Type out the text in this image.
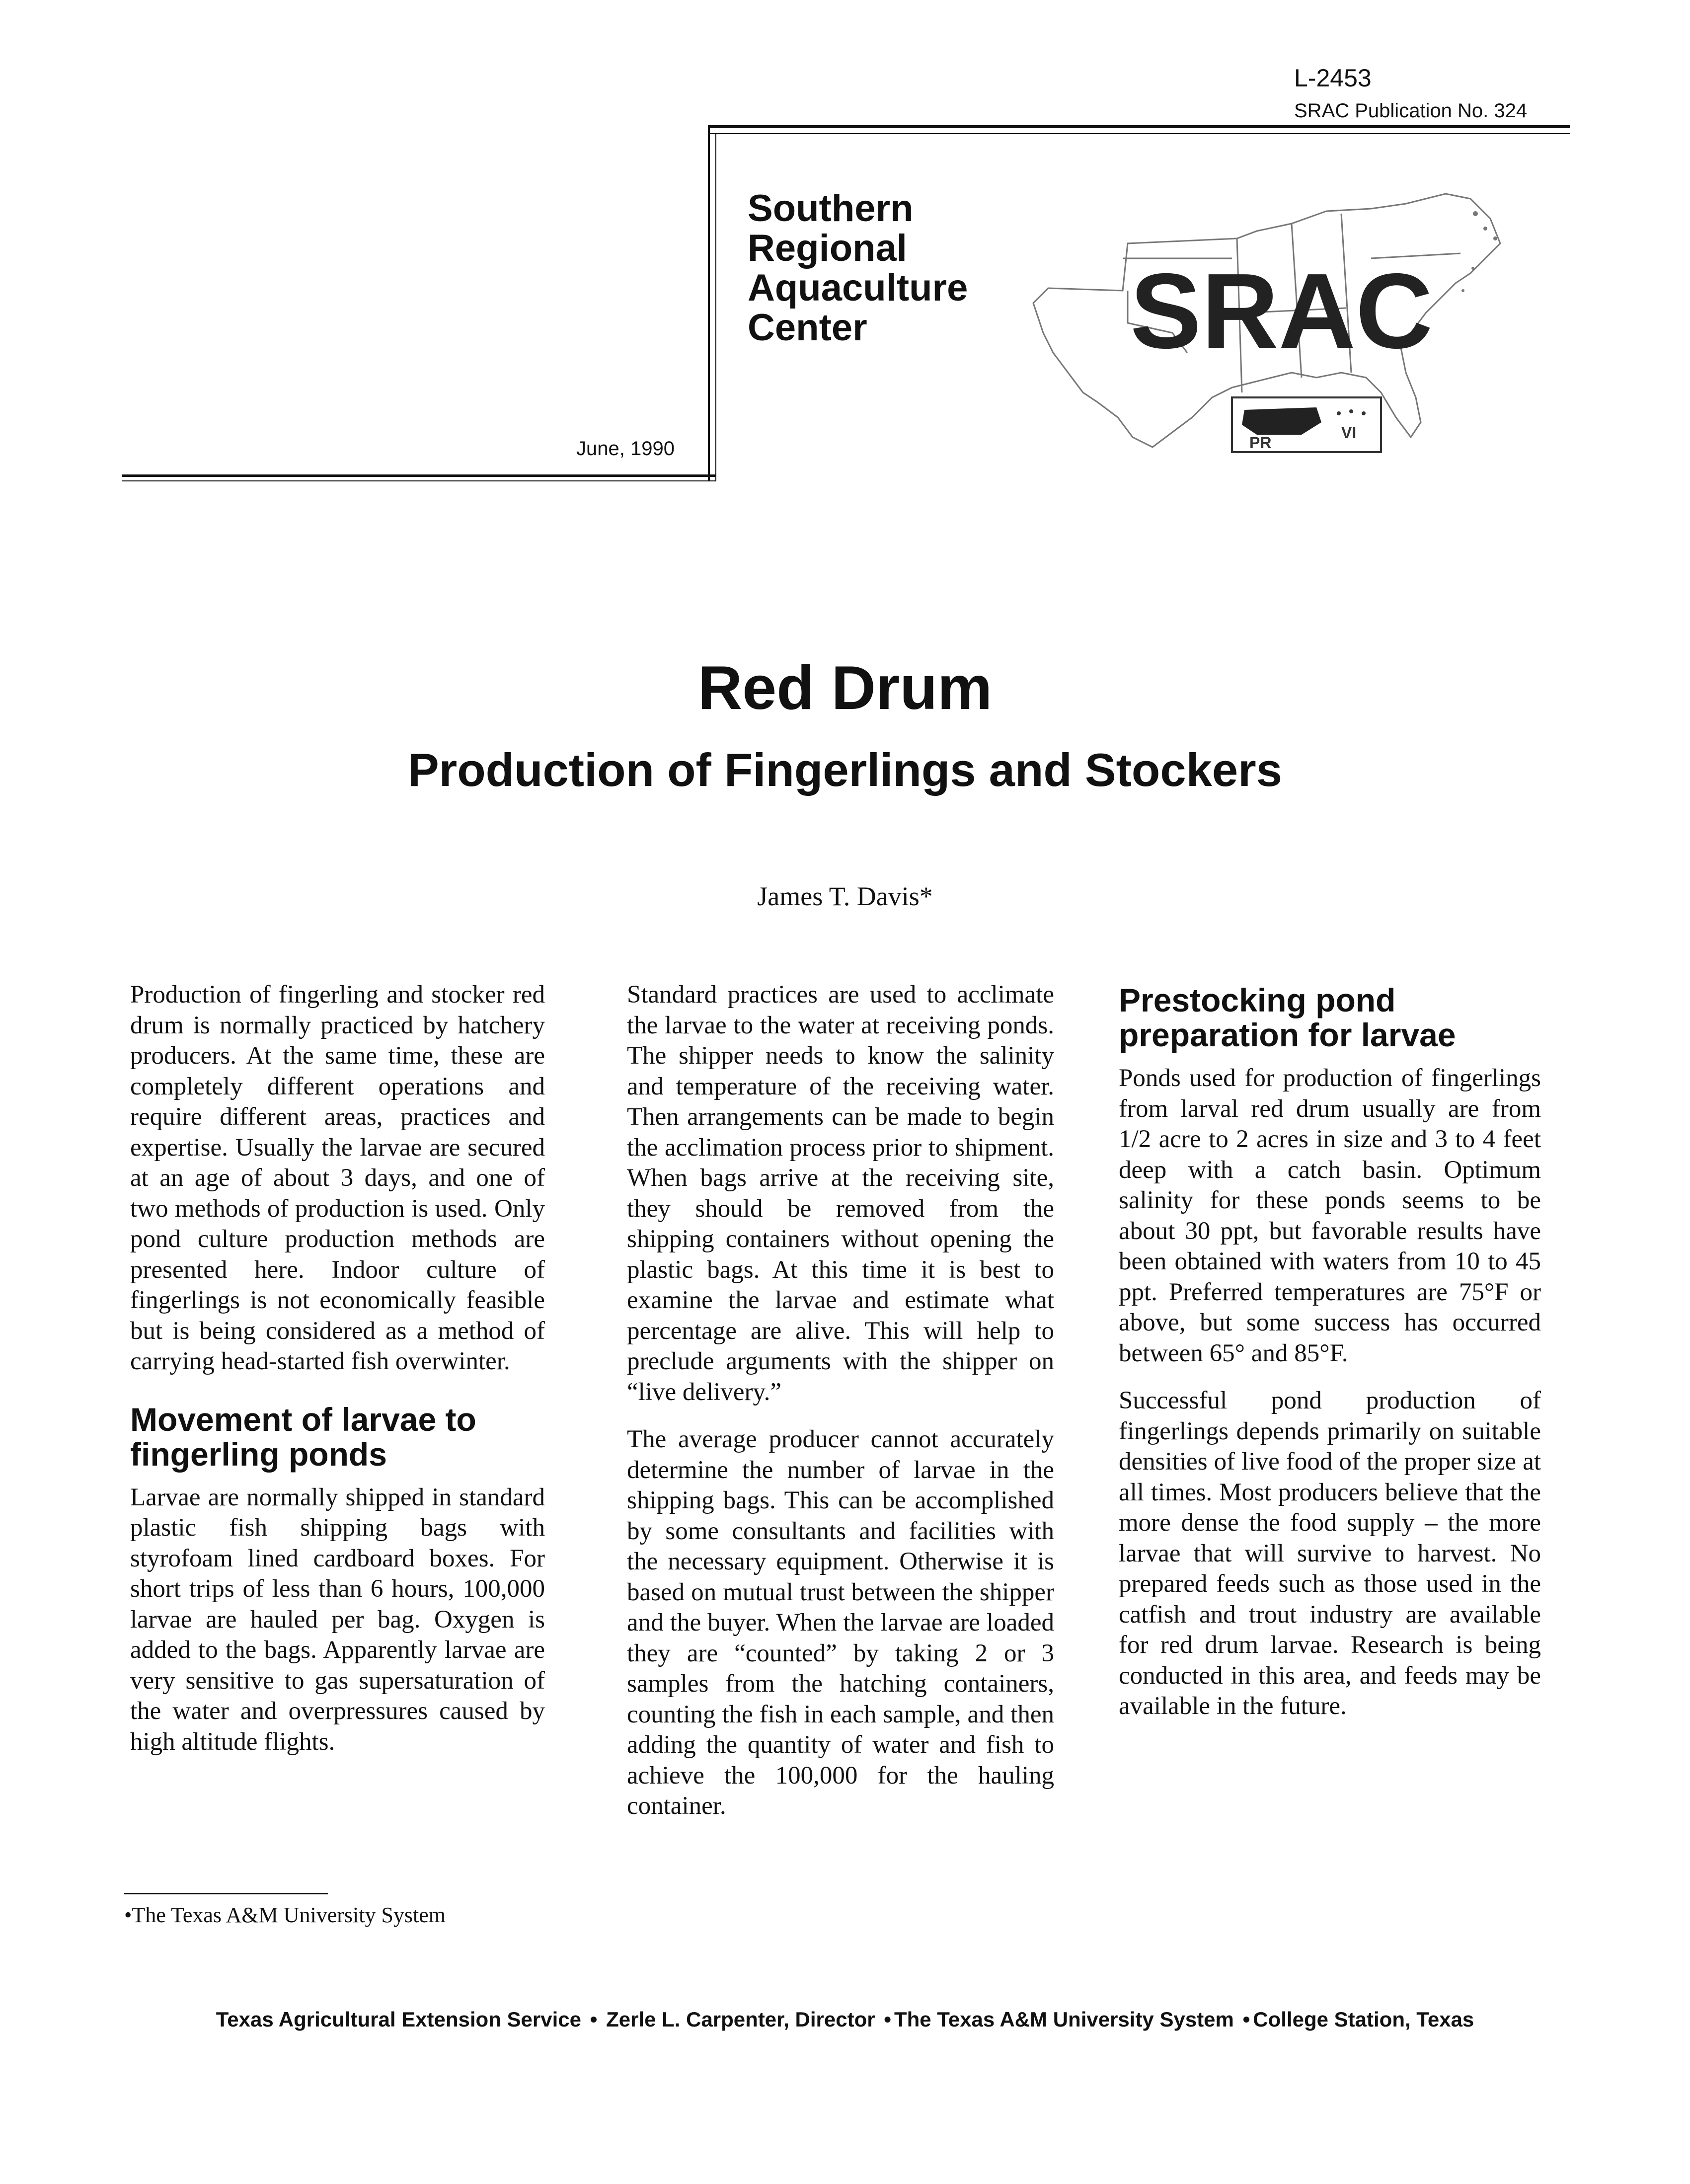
L-2453
SRAC Publication No. 324
Southern
Regional
Aquaculture
Center
June, 1990
SRAC
PR
VI
Red Drum
Production of Fingerlings and Stockers
James T. Davis*

Production of fingerling and stocker red drum is normally practiced by hatchery producers. At the same time, these are completely different operations and require different areas, practices and expertise. Usually the larvae are secured at an age of about 3 days, and one of two methods of production is used. Only pond culture production methods are presented here. Indoor culture of fingerlings is not economically feasible but is being considered as a method of carrying head-started fish overwinter.

Movement of larvae to fingerling ponds

Larvae are normally shipped in standard plastic fish shipping bags with styrofoam lined cardboard boxes. For short trips of less than 6 hours, 100,000 larvae are hauled per bag. Oxygen is added to the bags. Apparently larvae are very sensitive to gas supersaturation of the water and overpressures caused by high altitude flights.

Standard practices are used to acclimate the larvae to the water at receiving ponds. The shipper needs to know the salinity and temperature of the receiving water. Then arrangements can be made to begin the acclimation process prior to shipment. When bags arrive at the receiving site, they should be removed from the shipping containers without opening the plastic bags. At this time it is best to examine the larvae and estimate what percentage are alive. This will help to preclude arguments with the shipper on “live delivery.”

The average producer cannot accurately determine the number of larvae in the shipping bags. This can be accomplished by some consultants and facilities with the necessary equipment. Otherwise it is based on mutual trust between the shipper and the buyer. When the larvae are loaded they are “counted” by taking 2 or 3 samples from the hatching containers, counting the fish in each sample, and then adding the quantity of water and fish to achieve the 100,000 for the hauling container.

Prestocking pond preparation for larvae

Ponds used for production of fingerlings from larval red drum usually are from 1/2 acre to 2 acres in size and 3 to 4 feet deep with a catch basin. Optimum salinity for these ponds seems to be about 30 ppt, but favorable results have been obtained with waters from 10 to 45 ppt. Preferred temperatures are 75°F or above, but some success has occurred between 65° and 85°F.

Successful pond production of fingerlings depends primarily on suitable densities of live food of the proper size at all times. Most producers believe that the more dense the food supply – the more larvae that will survive to harvest. No prepared feeds such as those used in the catfish and trout industry are available for red drum larvae. Research is being conducted in this area, and feeds may be available in the future.

•The Texas A&M University System
Texas Agricultural Extension Service • Zerle L. Carpenter, Director • The Texas A&M University System • College Station, Texas
